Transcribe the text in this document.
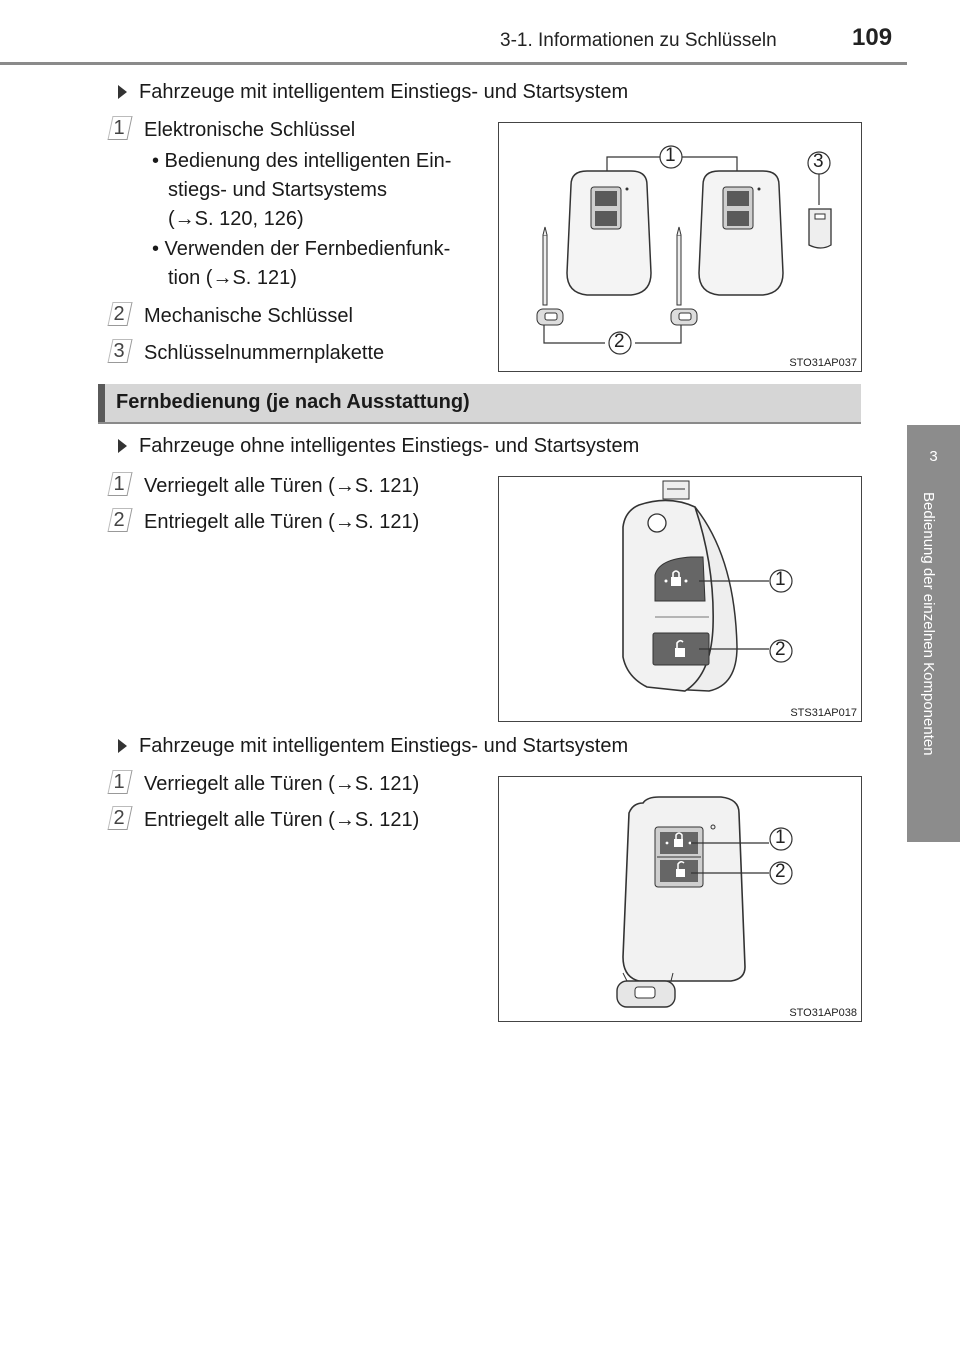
3-1. Informationen zu Schlüsseln	109
3
Bedienung der einzelnen Komponenten
Fahrzeuge mit intelligentem Einstiegs- und Startsystem
1 Elektronische Schlüssel
• Bedienung des intelligenten Ein-
stiegs- und Startsystems
(→S. 120, 126)
• Verwenden der Fernbedienfunk-
tion (→S. 121)
2 Mechanische Schlüssel
3 Schlüsselnummernplakette
1	3
2
STO31AP037
Fernbedienung (je nach Ausstattung)
Fahrzeuge ohne intelligentes Einstiegs- und Startsystem
1 Verriegelt alle Türen (→S. 121)
2 Entriegelt alle Türen (→S. 121)
1
2
STS31AP017
Fahrzeuge mit intelligentem Einstiegs- und Startsystem
1 Verriegelt alle Türen (→S. 121)
2 Entriegelt alle Türen (→S. 121)
1
2
STO31AP038
